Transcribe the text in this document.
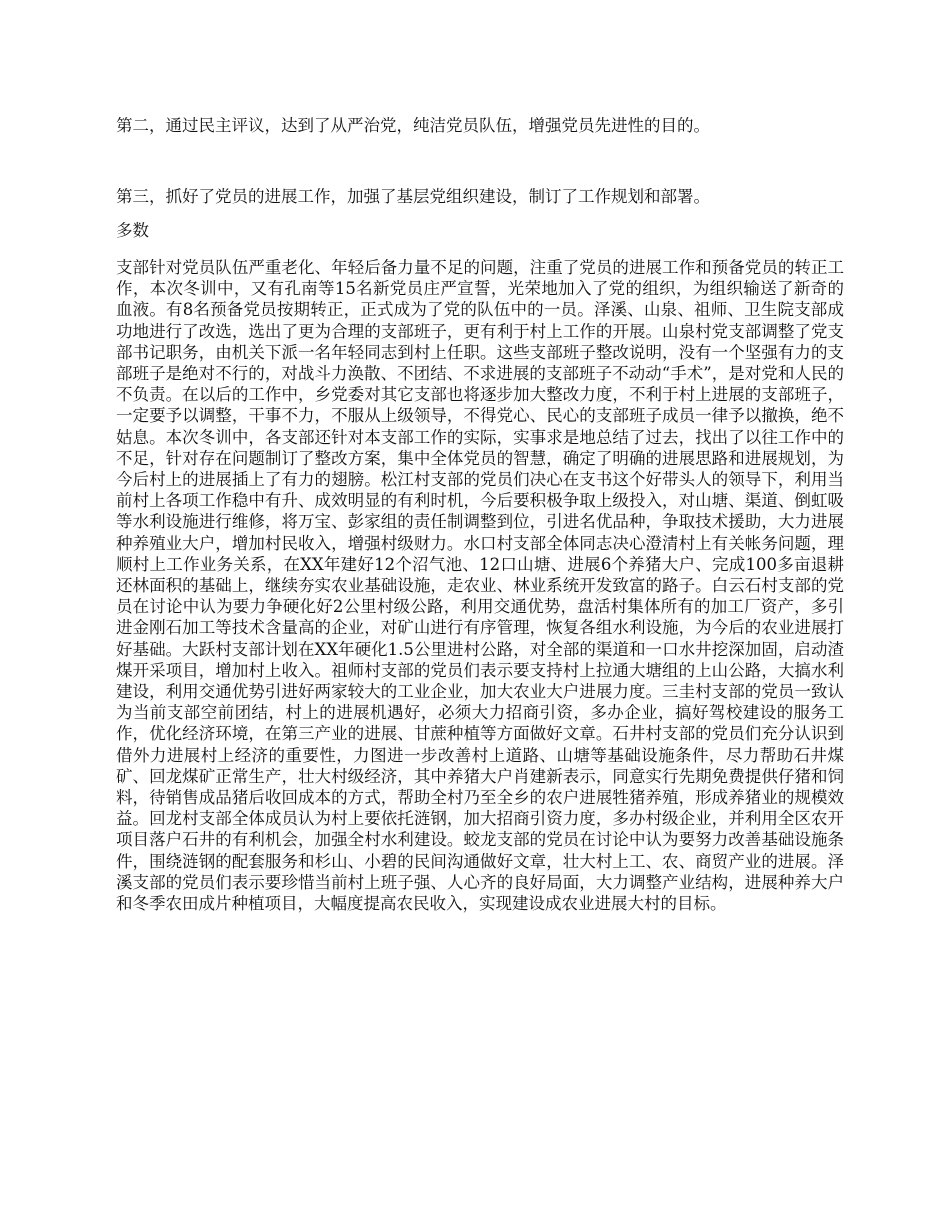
第二，通过民主评议，达到了从严治党，纯洁党员队伍，增强党员先进性的目的。

第三，抓好了党员的进展工作，加强了基层党组织建设，制订了工作规划和部署。

多数

支部针对党员队伍严重老化、年轻后备力量不足的问题，注重了党员的进展工作和预备党员的转正工作，本次冬训中，又有孔南等15名新党员庄严宣誓，光荣地加入了党的组织，为组织输送了新奇的血液。有8名预备党员按期转正，正式成为了党的队伍中的一员。泽溪、山泉、祖师、卫生院支部成功地进行了改选，选出了更为合理的支部班子，更有利于村上工作的开展。山泉村党支部调整了党支部书记职务，由机关下派一名年轻同志到村上任职。这些支部班子整改说明，没有一个坚强有力的支部班子是绝对不行的，对战斗力涣散、不团结、不求进展的支部班子不动动“手术”，是对党和人民的不负责。在以后的工作中，乡党委对其它支部也将逐步加大整改力度，不利于村上进展的支部班子，一定要予以调整，干事不力，不服从上级领导，不得党心、民心的支部班子成员一律予以撤换，绝不姑息。本次冬训中，各支部还针对本支部工作的实际，实事求是地总结了过去，找出了以往工作中的不足，针对存在问题制订了整改方案，集中全体党员的智慧，确定了明确的进展思路和进展规划，为今后村上的进展插上了有力的翅膀。松江村支部的党员们决心在支书这个好带头人的领导下，利用当前村上各项工作稳中有升、成效明显的有利时机，今后要积极争取上级投入，对山塘、渠道、倒虹吸等水利设施进行维修，将万宝、彭家组的责任制调整到位，引进名优品种，争取技术援助，大力进展种养殖业大户，增加村民收入，增强村级财力。水口村支部全体同志决心澄清村上有关帐务问题，理顺村上工作业务关系，在XX年建好12个沼气池、12口山塘、进展6个养猪大户、完成100多亩退耕还林面积的基础上，继续夯实农业基础设施，走农业、林业系统开发致富的路子。白云石村支部的党员在讨论中认为要力争硬化好2公里村级公路，利用交通优势，盘活村集体所有的加工厂资产，多引进金刚石加工等技术含量高的企业，对矿山进行有序管理，恢复各组水利设施，为今后的农业进展打好基础。大跃村支部计划在XX年硬化1.5公里进村公路，对全部的渠道和一口水井挖深加固，启动渣煤开采项目，增加村上收入。祖师村支部的党员们表示要支持村上拉通大塘组的上山公路，大搞水利建设，利用交通优势引进好两家较大的工业企业，加大农业大户进展力度。三圭村支部的党员一致认为当前支部空前团结，村上的进展机遇好，必须大力招商引资，多办企业，搞好驾校建设的服务工作，优化经济环境，在第三产业的进展、甘蔗种植等方面做好文章。石井村支部的党员们充分认识到借外力进展村上经济的重要性，力图进一步改善村上道路、山塘等基础设施条件，尽力帮助石井煤矿、回龙煤矿正常生产，壮大村级经济，其中养猪大户肖建新表示，同意实行先期免费提供仔猪和饲料，待销售成品猪后收回成本的方式，帮助全村乃至全乡的农户进展牲猪养殖，形成养猪业的规模效益。回龙村支部全体成员认为村上要依托涟钢，加大招商引资力度，多办村级企业，并利用全区农开项目落户石井的有利机会，加强全村水利建设。蛟龙支部的党员在讨论中认为要努力改善基础设施条件，围绕涟钢的配套服务和杉山、小碧的民间沟通做好文章，壮大村上工、农、商贸产业的进展。泽溪支部的党员们表示要珍惜当前村上班子强、人心齐的良好局面，大力调整产业结构，进展种养大户和冬季农田成片种植项目，大幅度提高农民收入，实现建设成农业进展大村的目标。
